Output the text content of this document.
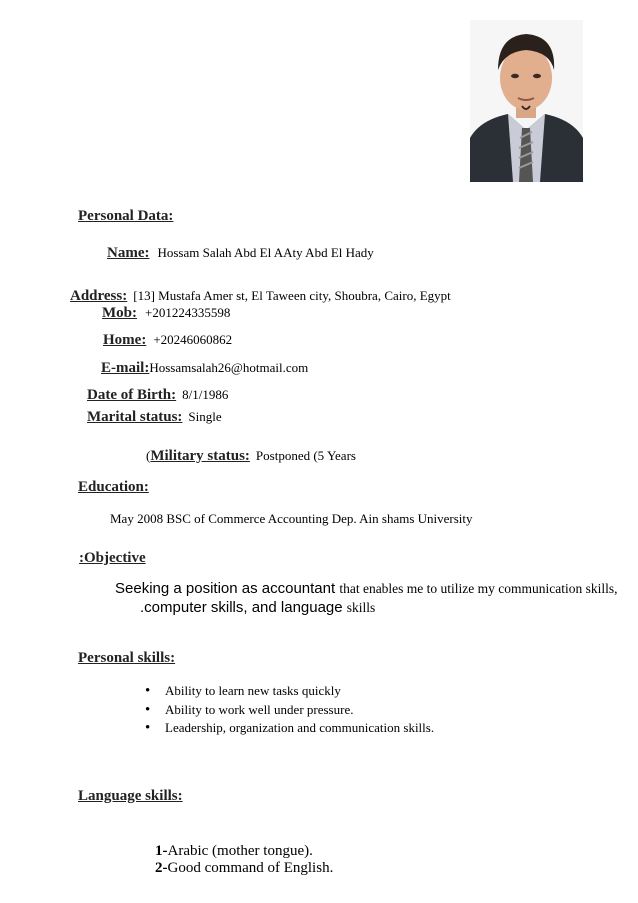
Personal Data:
Name: Hossam Salah Abd El AAty Abd El Hady
Address: [13] Mustafa Amer st, El Taween city, Shoubra, Cairo, Egypt
Mob: +201224335598
Home: +20246060862
E-mail:Hossamsalah26@hotmail.com
Date of Birth: 8/1/1986
Marital status: Single
(Military status: Postponed (5 Years
Education:
May 2008 BSC of Commerce Accounting Dep. Ain shams University
:Objective
Seeking a position as accountant that enables me to utilize my communication skills,
.computer skills, and language skills
Personal skills:
• Ability to learn new tasks quickly
• Ability to work well under pressure.
• Leadership, organization and communication skills.
Language skills:
1-Arabic (mother tongue).
2-Good command of English.
